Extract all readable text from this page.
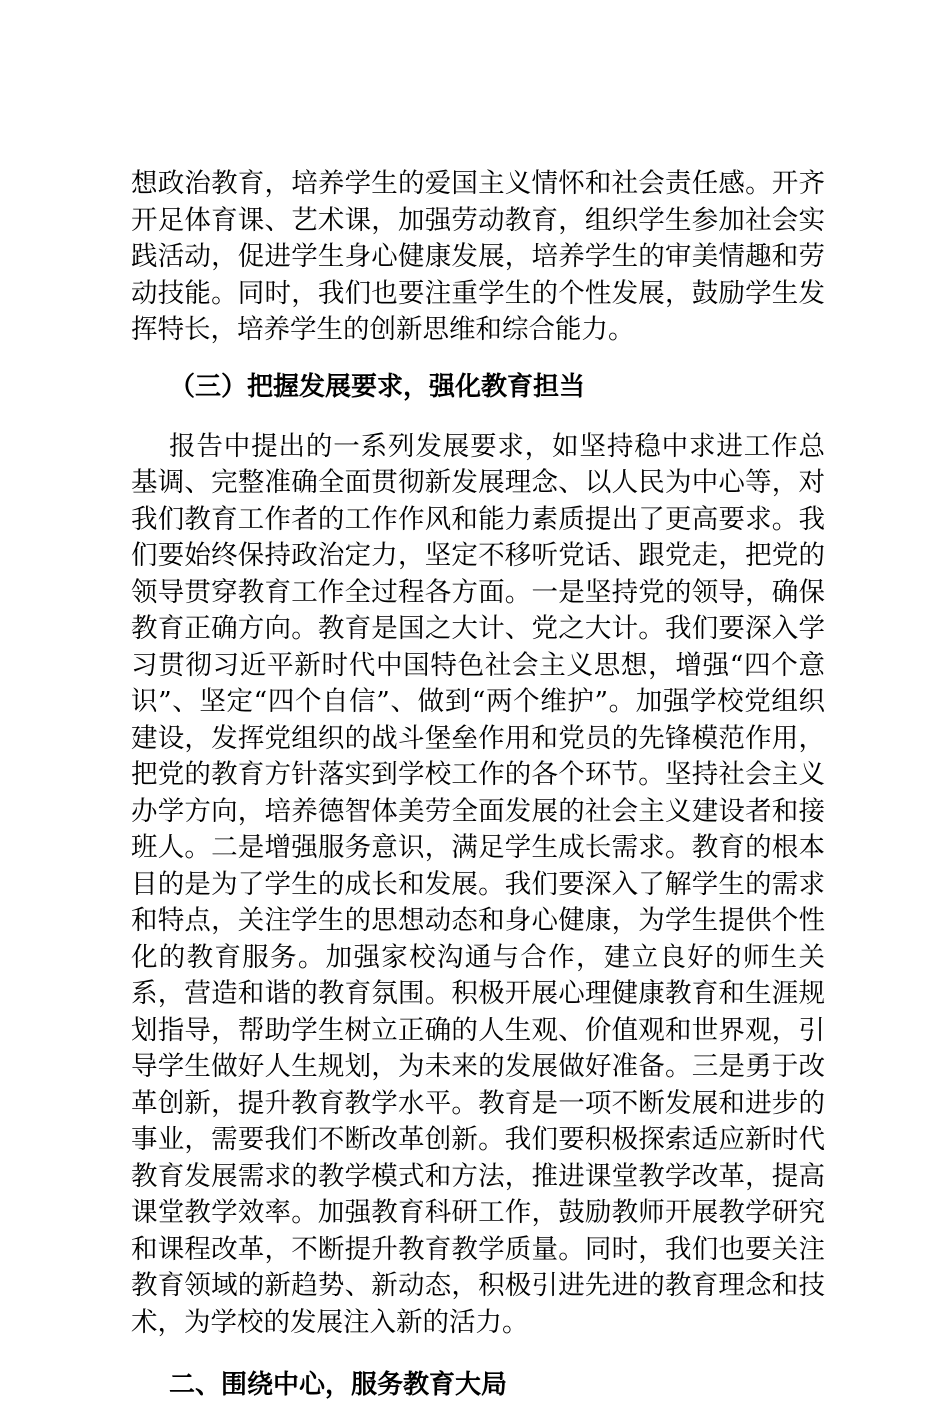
想政治教育，培养学生的爱国主义情怀和社会责任感。开齐开足体育课、艺术课，加强劳动教育，组织学生参加社会实践活动，促进学生身心健康发展，培养学生的审美情趣和劳动技能。同时，我们也要注重学生的个性发展，鼓励学生发挥特长，培养学生的创新思维和综合能力。

（三）把握发展要求，强化教育担当

报告中提出的一系列发展要求，如坚持稳中求进工作总基调、完整准确全面贯彻新发展理念、以人民为中心等，对我们教育工作者的工作作风和能力素质提出了更高要求。我们要始终保持政治定力，坚定不移听党话、跟党走，把党的领导贯穿教育工作全过程各方面。一是坚持党的领导，确保教育正确方向。教育是国之大计、党之大计。我们要深入学习贯彻习近平新时代中国特色社会主义思想，增强“四个意识”、坚定“四个自信”、做到“两个维护”。加强学校党组织建设，发挥党组织的战斗堡垒作用和党员的先锋模范作用，把党的教育方针落实到学校工作的各个环节。坚持社会主义办学方向，培养德智体美劳全面发展的社会主义建设者和接班人。二是增强服务意识，满足学生成长需求。教育的根本目的是为了学生的成长和发展。我们要深入了解学生的需求和特点，关注学生的思想动态和身心健康，为学生提供个性化的教育服务。加强家校沟通与合作，建立良好的师生关系，营造和谐的教育氛围。积极开展心理健康教育和生涯规划指导，帮助学生树立正确的人生观、价值观和世界观，引导学生做好人生规划，为未来的发展做好准备。三是勇于改革创新，提升教育教学水平。教育是一项不断发展和进步的事业，需要我们不断改革创新。我们要积极探索适应新时代教育发展需求的教学模式和方法，推进课堂教学改革，提高课堂教学效率。加强教育科研工作，鼓励教师开展教学研究和课程改革，不断提升教育教学质量。同时，我们也要关注教育领域的新趋势、新动态，积极引进先进的教育理念和技术，为学校的发展注入新的活力。

二、围绕中心，服务教育大局
